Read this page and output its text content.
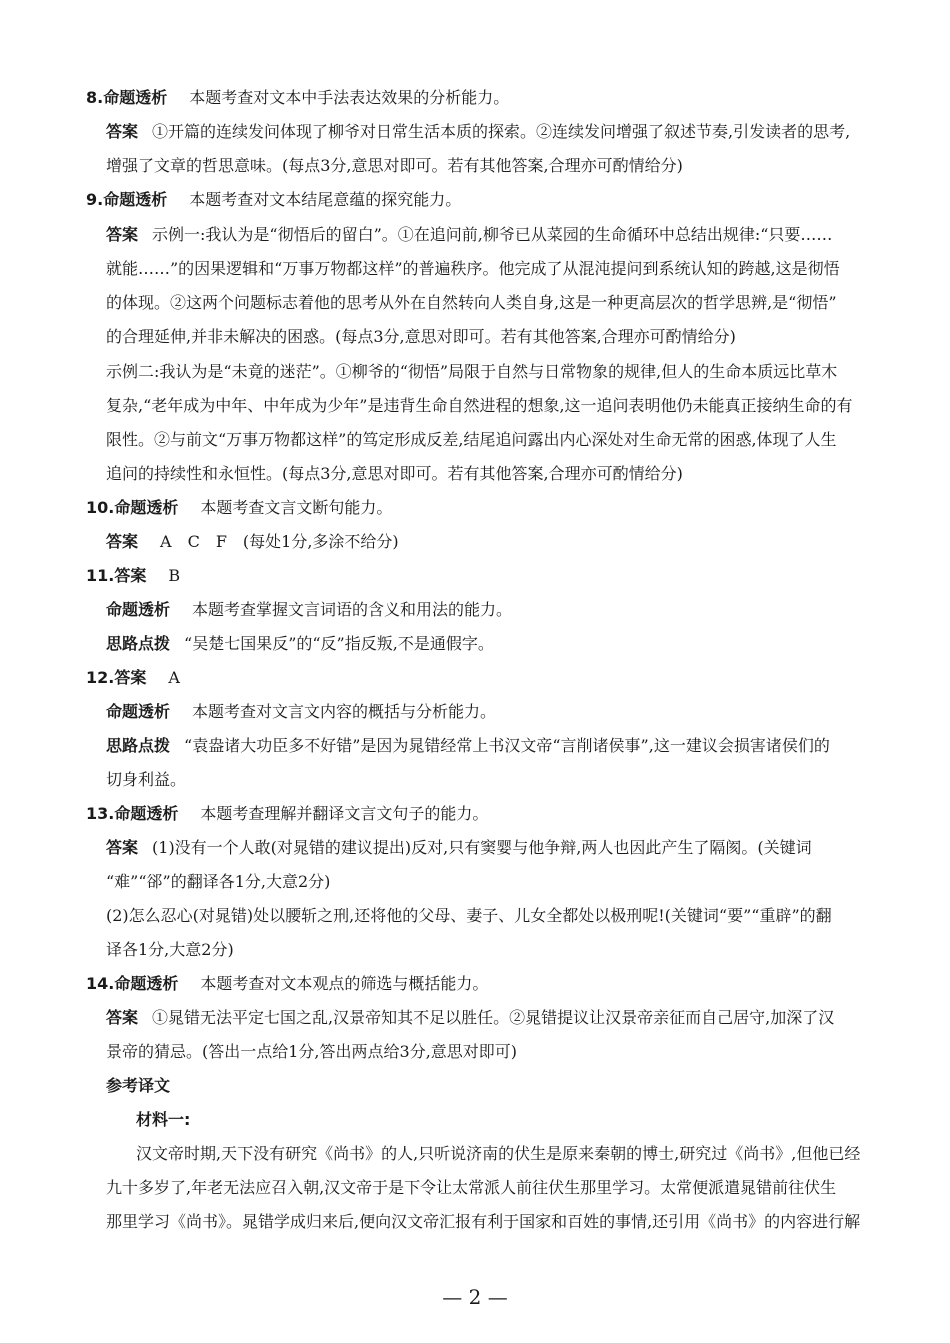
8.命题透析 本题考查对文本中手法表达效果的分析能力。
答案 ①开篇的连续发问体现了柳爷对日常生活本质的探索。②连续发问增强了叙述节奏,引发读者的思考,
增强了文章的哲思意味。(每点3分,意思对即可。若有其他答案,合理亦可酌情给分)
9.命题透析 本题考查对文本结尾意蕴的探究能力。
答案 示例一:我认为是“彻悟后的留白”。①在追问前,柳爷已从菜园的生命循环中总结出规律:“只要……
就能……”的因果逻辑和“万事万物都这样”的普遍秩序。他完成了从混沌提问到系统认知的跨越,这是彻悟
的体现。②这两个问题标志着他的思考从外在自然转向人类自身,这是一种更高层次的哲学思辨,是“彻悟”
的合理延伸,并非未解决的困惑。(每点3分,意思对即可。若有其他答案,合理亦可酌情给分)
示例二:我认为是“未竟的迷茫”。①柳爷的“彻悟”局限于自然与日常物象的规律,但人的生命本质远比草木
复杂,“老年成为中年、中年成为少年”是违背生命自然进程的想象,这一追问表明他仍未能真正接纳生命的有
限性。②与前文“万事万物都这样”的笃定形成反差,结尾追问露出内心深处对生命无常的困惑,体现了人生
追问的持续性和永恒性。(每点3分,意思对即可。若有其他答案,合理亦可酌情给分)
10.命题透析 本题考查文言文断句能力。
答案 A　C　F　(每处1分,多涂不给分)
11.答案 B
命题透析 本题考查掌握文言词语的含义和用法的能力。
思路点拨 “吴楚七国果反”的“反”指反叛,不是通假字。
12.答案 A
命题透析 本题考查对文言文内容的概括与分析能力。
思路点拨 “袁盎诸大功臣多不好错”是因为晁错经常上书汉文帝“言削诸侯事”,这一建议会损害诸侯们的
切身利益。
13.命题透析 本题考查理解并翻译文言文句子的能力。
答案 (1)没有一个人敢(对晁错的建议提出)反对,只有窦婴与他争辩,两人也因此产生了隔阂。(关键词
“难”“郤”的翻译各1分,大意2分)
(2)怎么忍心(对晁错)处以腰斩之刑,还将他的父母、妻子、儿女全都处以极刑呢!(关键词“要”“重辟”的翻
译各1分,大意2分)
14.命题透析 本题考查对文本观点的筛选与概括能力。
答案 ①晁错无法平定七国之乱,汉景帝知其不足以胜任。②晁错提议让汉景帝亲征而自己居守,加深了汉
景帝的猜忌。(答出一点给1分,答出两点给3分,意思对即可)
参考译文
材料一:
汉文帝时期,天下没有研究《尚书》的人,只听说济南的伏生是原来秦朝的博士,研究过《尚书》,但他已经
九十多岁了,年老无法应召入朝,汉文帝于是下令让太常派人前往伏生那里学习。太常便派遣晁错前往伏生
那里学习《尚书》。晁错学成归来后,便向汉文帝汇报有利于国家和百姓的事情,还引用《尚书》的内容进行解
— 2 —
